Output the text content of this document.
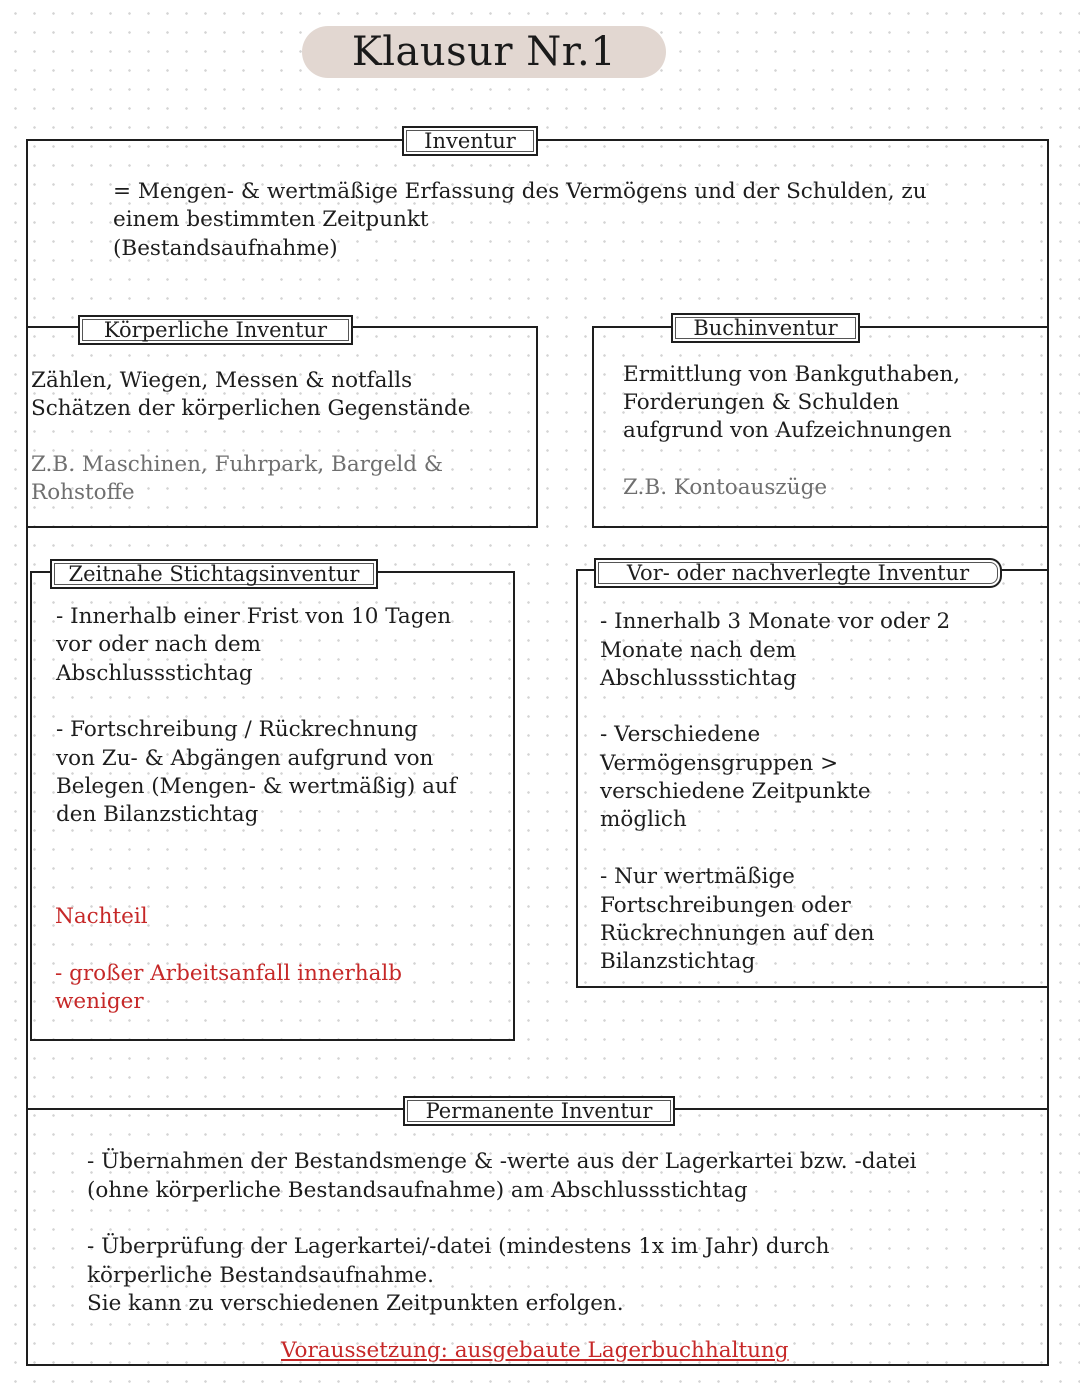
Klausur Nr.1
Inventur
= Mengen- & wertmäßige Erfassung des Vermögens und der Schulden, zu
einem bestimmten Zeitpunkt
(Bestandsaufnahme)
Körperliche Inventur
Zählen, Wiegen, Messen & notfalls
Schätzen der körperlichen Gegenstände
Z.B. Maschinen, Fuhrpark, Bargeld &
Rohstoffe
Buchinventur
Ermittlung von Bankguthaben,
Forderungen & Schulden
aufgrund von Aufzeichnungen
Z.B. Kontoauszüge
Zeitnahe Stichtagsinventur
- Innerhalb einer Frist von 10 Tagen
vor oder nach dem
Abschlussstichtag
- Fortschreibung / Rückrechnung
von Zu- & Abgängen aufgrund von
Belegen (Mengen- & wertmäßig) auf
den Bilanzstichtag
Nachteil
- großer Arbeitsanfall innerhalb
weniger
Vor- oder nachverlegte Inventur
- Innerhalb 3 Monate vor oder 2
Monate nach dem
Abschlussstichtag
- Verschiedene
Vermögensgruppen >
verschiedene Zeitpunkte
möglich
- Nur wertmäßige
Fortschreibungen oder
Rückrechnungen auf den
Bilanzstichtag
Permanente Inventur
- Übernahmen der Bestandsmenge & -werte aus der Lagerkartei bzw. -datei
(ohne körperliche Bestandsaufnahme) am Abschlussstichtag
- Überprüfung der Lagerkartei/-datei (mindestens 1x im Jahr) durch
körperliche Bestandsaufnahme.
Sie kann zu verschiedenen Zeitpunkten erfolgen.
Voraussetzung: ausgebaute Lagerbuchhaltung
